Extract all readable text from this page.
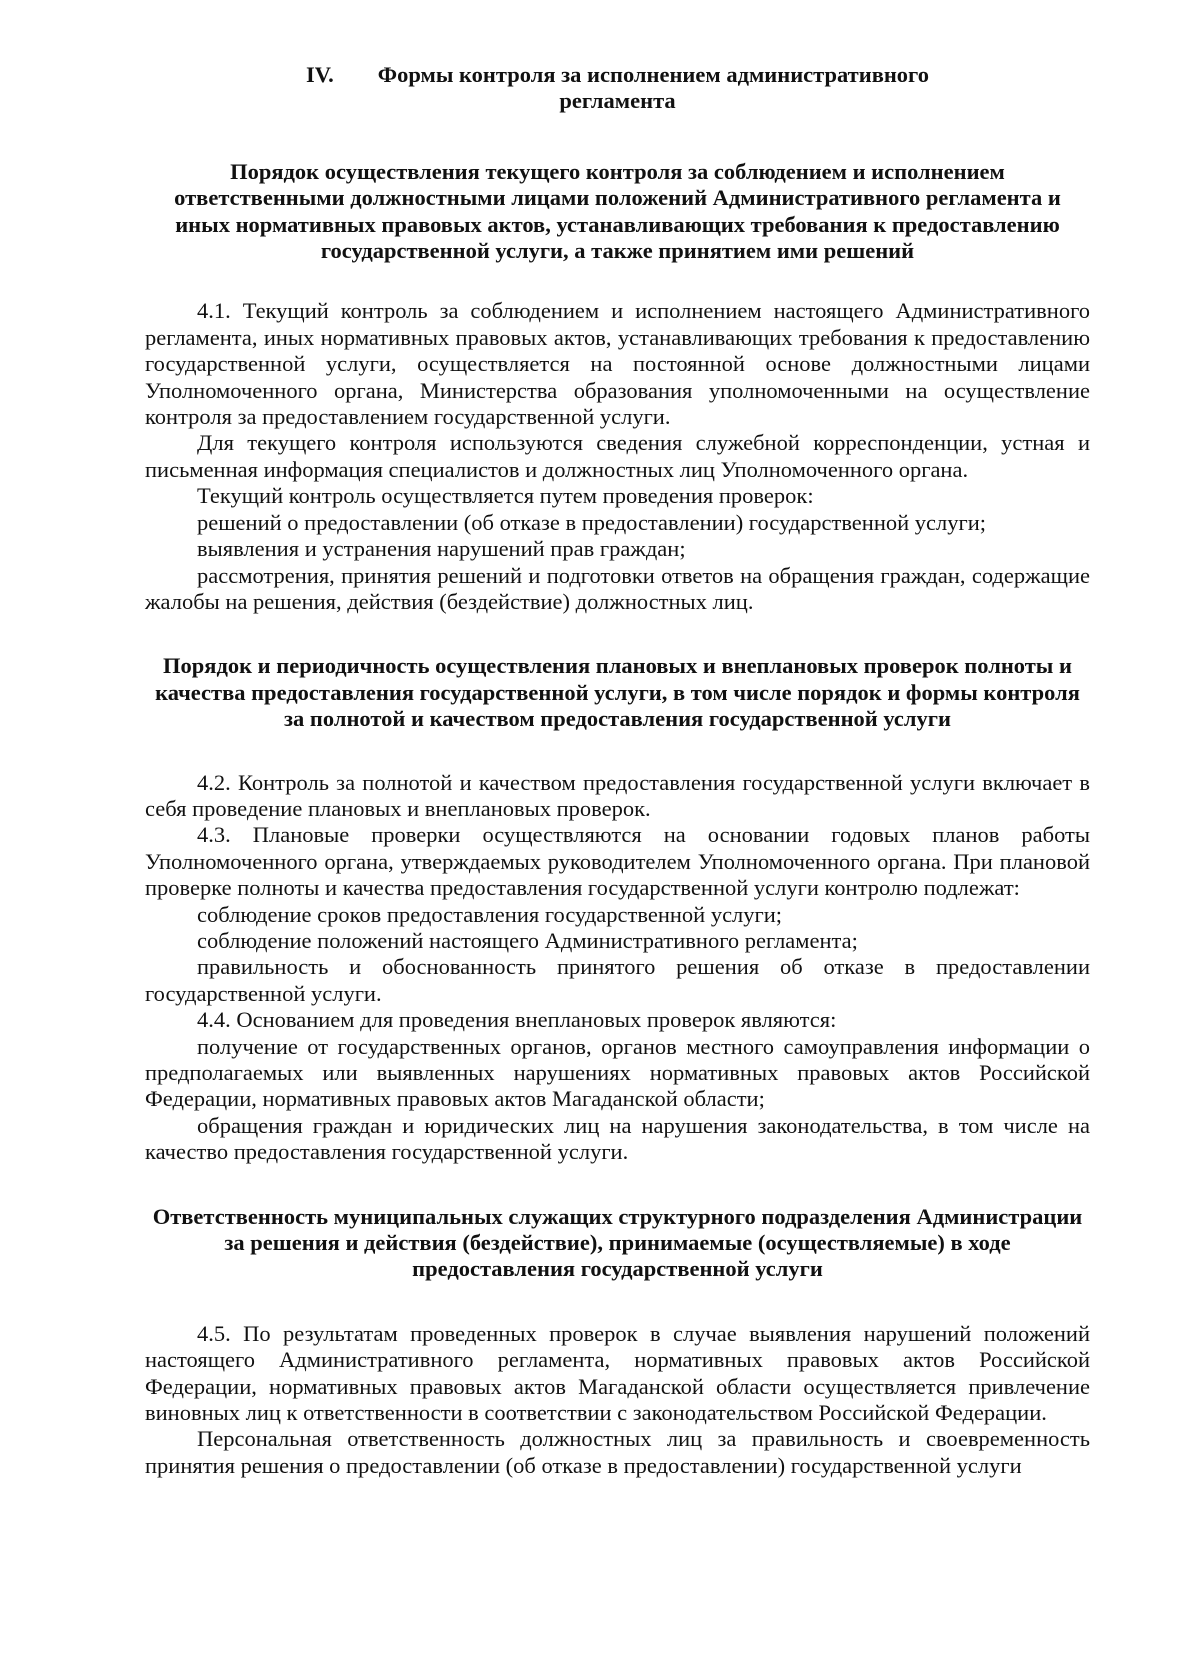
IV. Формы контроля за исполнением административного
регламента

Порядок осуществления текущего контроля за соблюдением и исполнением ответственными должностными лицами положений Административного регламента и иных нормативных правовых актов, устанавливающих требования к предоставлению государственной услуги, а также принятием ими решений

4.1. Текущий контроль за соблюдением и исполнением настоящего Административного регламента, иных нормативных правовых актов, устанавливающих требования к предоставлению государственной услуги, осуществляется на постоянной основе должностными лицами Уполномоченного органа, Министерства образования уполномоченными на осуществление контроля за предоставлением государственной услуги.

Для текущего контроля используются сведения служебной корреспонденции, устная и письменная информация специалистов и должностных лиц Уполномоченного органа.

Текущий контроль осуществляется путем проведения проверок:

решений о предоставлении (об отказе в предоставлении) государственной услуги;

выявления и устранения нарушений прав граждан;

рассмотрения, принятия решений и подготовки ответов на обращения граждан, содержащие жалобы на решения, действия (бездействие) должностных лиц.

Порядок и периодичность осуществления плановых и внеплановых проверок полноты и качества предоставления государственной услуги, в том числе порядок и формы контроля за полнотой и качеством предоставления государственной услуги

4.2. Контроль за полнотой и качеством предоставления государственной услуги включает в себя проведение плановых и внеплановых проверок.

4.3. Плановые проверки осуществляются на основании годовых планов работы Уполномоченного органа, утверждаемых руководителем Уполномоченного органа. При плановой проверке полноты и качества предоставления государственной услуги контролю подлежат:

соблюдение сроков предоставления государственной услуги;

соблюдение положений настоящего Административного регламента;

правильность и обоснованность принятого решения об отказе в предоставлении государственной услуги.

4.4. Основанием для проведения внеплановых проверок являются:

получение от государственных органов, органов местного самоуправления информации о предполагаемых или выявленных нарушениях нормативных правовых актов Российской Федерации, нормативных правовых актов Магаданской области;

обращения граждан и юридических лиц на нарушения законодательства, в том числе на качество предоставления государственной услуги.

Ответственность муниципальных служащих структурного подразделения Администрации за решения и действия (бездействие), принимаемые (осуществляемые) в ходе предоставления государственной услуги

4.5. По результатам проведенных проверок в случае выявления нарушений положений настоящего Административного регламента, нормативных правовых актов Российской Федерации, нормативных правовых актов Магаданской области осуществляется привлечение виновных лиц к ответственности в соответствии с законодательством Российской Федерации.

Персональная ответственность должностных лиц за правильность и своевременность принятия решения о предоставлении (об отказе в предоставлении) государственной услуги
